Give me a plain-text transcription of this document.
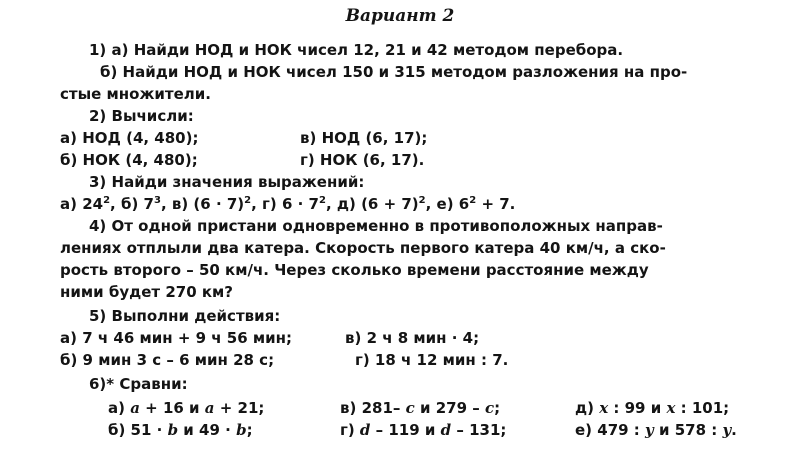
Вариант 2
1) а) Найди НОД и НОК чисел 12, 21 и 42 методом перебора.
б) Найди НОД и НОК чисел 150 и 315 методом разложения на про-
стые множители.
2) Вычисли:
а) НОД (4, 480);	в) НОД (6, 17);
б) НОК (4, 480);	г) НОК (6, 17).
3) Найди значения выражений:
а) $24^2$, б) $7^3$, в) $(6 \cdot 7)^2$, г) $6 \cdot 7^2$, д) $(6 + 7)^2$, е) $6^2 + 7$.
4) От одной пристани одновременно в противоположных направ-
лениях отплыли два катера. Скорость первого катера 40 км/ч, а ско-
рость второго – 50 км/ч. Через сколько времени расстояние между
ними будет 270 км?
5) Выполни действия:
а) 7 ч 46 мин + 9 ч 56 мин;	в) 2 ч 8 мин · 4;
б) 9 мин 3 с – 6 мин 28 с;	г) 18 ч 12 мин : 7.
6)* Сравни:
а) a + 16 и a + 21;	в) 281– c и 279 – c;	д) x : 99 и x : 101;
б) 51 · b и 49 · b;	г) d – 119 и d – 131;	е) 479 : y и 578 : y.
